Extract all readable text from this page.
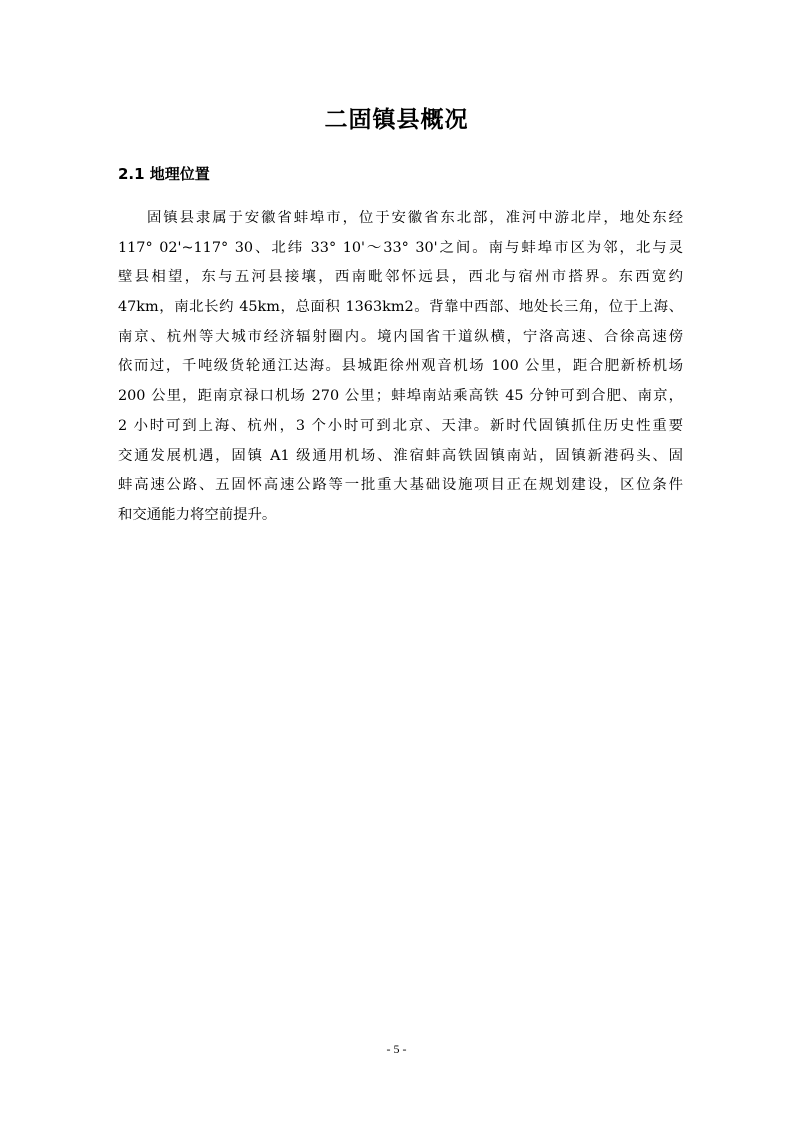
二固镇县概况
2.1 地理位置
固镇县隶属于安徽省蚌埠市，位于安徽省东北部，准河中游北岸，地处东经
117° 02'~117° 30、北纬 33° 10'～33° 30'之间。南与蚌埠市区为邻，北与灵
壁县相望，东与五河县接壤，西南毗邻怀远县，西北与宿州市搭界。东西宽约
47km，南北长约 45km，总面积 1363km2。背靠中西部、地处长三角，位于上海、
南京、杭州等大城市经济辐射圈内。境内国省干道纵横，宁洛高速、合徐高速傍
依而过，千吨级货轮通江达海。县城距徐州观音机场 100 公里，距合肥新桥机场
200 公里，距南京禄口机场 270 公里；蚌埠南站乘高铁 45 分钟可到合肥、南京，
2 小时可到上海、杭州，3 个小时可到北京、天津。新时代固镇抓住历史性重要
交通发展机遇，固镇 A1 级通用机场、淮宿蚌高铁固镇南站，固镇新港码头、固
蚌高速公路、五固怀高速公路等一批重大基础设施项目正在规划建设，区位条件
和交通能力将空前提升。
- 5 -
